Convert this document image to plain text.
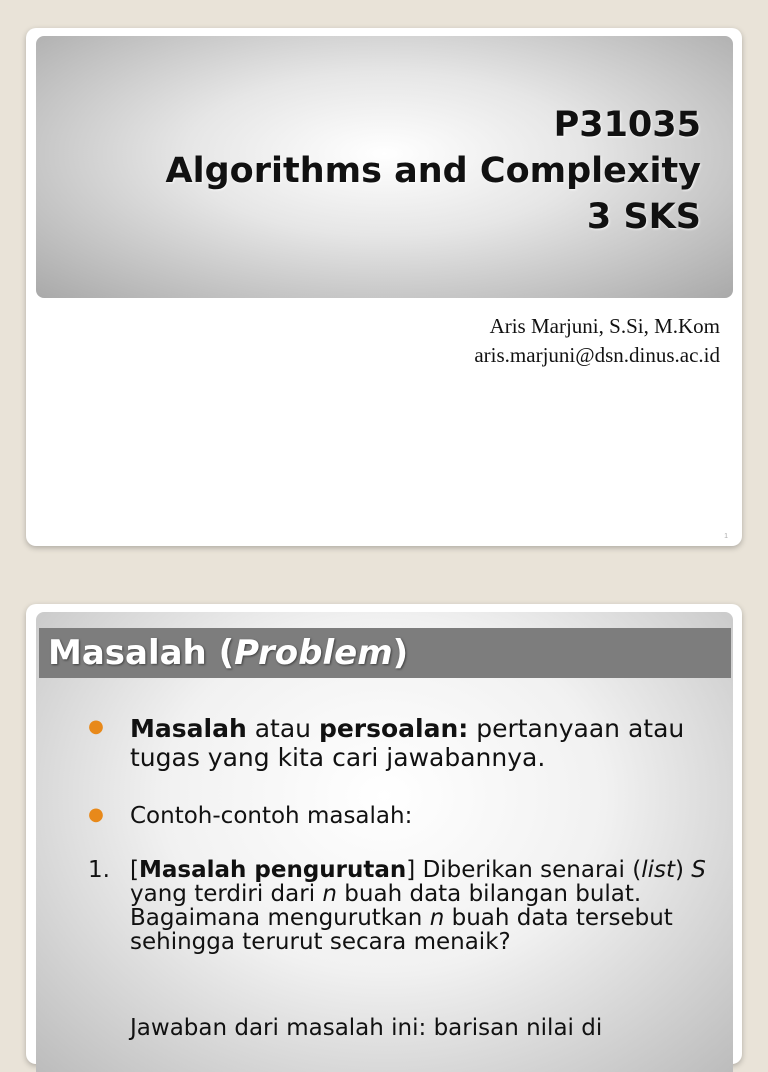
P31035
Algorithms and Complexity
3 SKS
Aris Marjuni, S.Si, M.Kom
aris.marjuni@dsn.dinus.ac.id
1
Masalah (Problem)
● Masalah atau persoalan: pertanyaan atau tugas yang kita cari jawabannya.
● Contoh-contoh masalah:
1. [Masalah pengurutan] Diberikan senarai (list) S yang terdiri dari n buah data bilangan bulat. Bagaimana mengurutkan n buah data tersebut sehingga terurut secara menaik?
Jawaban dari masalah ini: barisan nilai di
